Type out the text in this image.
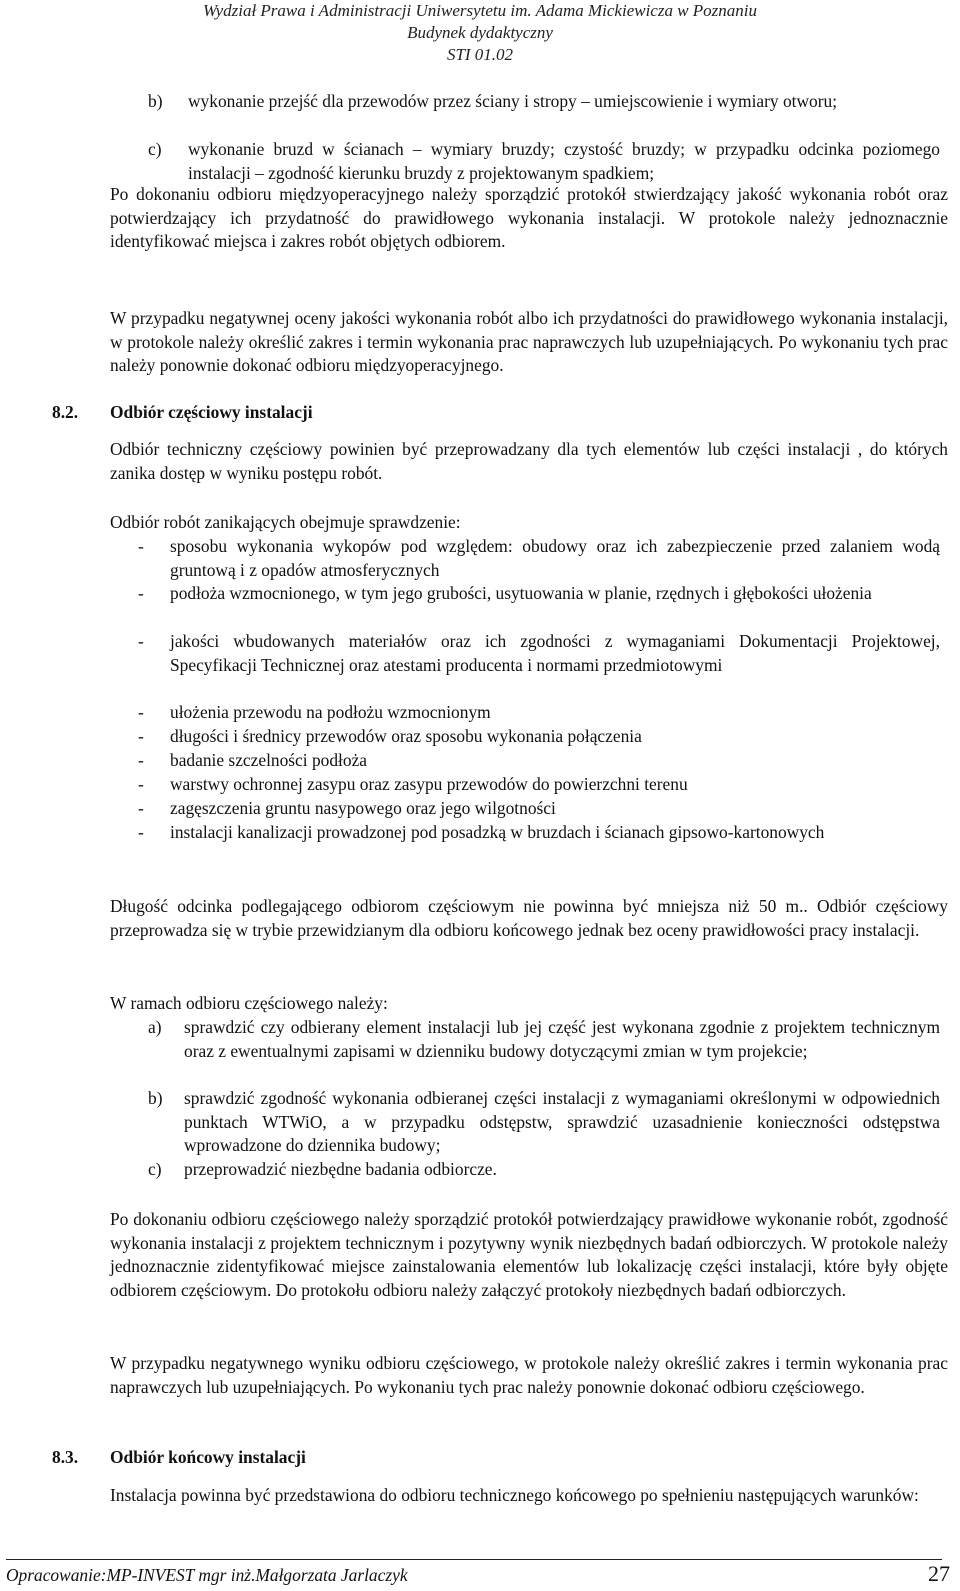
Wydział Prawa i Administracji Uniwersytetu im. Adama Mickiewicza w Poznaniu
Budynek dydaktyczny
STI 01.02
b) wykonanie przejść dla przewodów przez ściany i stropy – umiejscowienie i wymiary otworu;
c) wykonanie bruzd w ścianach – wymiary bruzdy; czystość bruzdy; w przypadku odcinka poziomego instalacji – zgodność kierunku bruzdy z projektowanym spadkiem;
Po dokonaniu odbioru międzyoperacyjnego należy sporządzić protokół stwierdzający jakość wykonania robót oraz potwierdzający ich przydatność do prawidłowego wykonania instalacji. W protokole należy jednoznacznie identyfikować miejsca i zakres robót objętych odbiorem.
W przypadku negatywnej oceny jakości wykonania robót albo ich przydatności do prawidłowego wykonania instalacji, w protokole należy określić zakres i termin wykonania prac naprawczych lub uzupełniających. Po wykonaniu tych prac należy ponownie dokonać odbioru międzyoperacyjnego.
8.2. Odbiór częściowy instalacji
Odbiór techniczny częściowy powinien być przeprowadzany dla tych elementów lub części instalacji , do których zanika dostęp w wyniku postępu robót.
Odbiór robót zanikających obejmuje sprawdzenie:
- sposobu wykonania wykopów pod względem: obudowy oraz ich zabezpieczenie przed zalaniem wodą gruntową i z opadów atmosferycznych
- podłoża wzmocnionego, w tym jego grubości, usytuowania w planie, rzędnych i głębokości ułożenia
- jakości wbudowanych materiałów oraz ich zgodności z wymaganiami Dokumentacji Projektowej, Specyfikacji Technicznej oraz atestami producenta i normami przedmiotowymi
- ułożenia przewodu na podłożu wzmocnionym
- długości i średnicy przewodów oraz sposobu wykonania połączenia
- badanie szczelności podłoża
- warstwy ochronnej zasypu oraz zasypu przewodów do powierzchni terenu
- zagęszczenia gruntu nasypowego oraz jego wilgotności
- instalacji kanalizacji prowadzonej pod posadzką w bruzdach i ścianach gipsowo-kartonowych
Długość odcinka podlegającego odbiorom częściowym nie powinna być mniejsza niż 50 m.. Odbiór częściowy przeprowadza się w trybie przewidzianym dla odbioru końcowego jednak bez oceny prawidłowości pracy instalacji.
W ramach odbioru częściowego należy:
a) sprawdzić czy odbierany element instalacji lub jej część jest wykonana zgodnie z projektem technicznym oraz z ewentualnymi zapisami w dzienniku budowy dotyczącymi zmian w tym projekcie;
b) sprawdzić zgodność wykonania odbieranej części instalacji z wymaganiami określonymi w odpowiednich punktach WTWiO, a w przypadku odstępstw, sprawdzić uzasadnienie konieczności odstępstwa wprowadzone do dziennika budowy;
c) przeprowadzić niezbędne badania odbiorcze.
Po dokonaniu odbioru częściowego należy sporządzić protokół potwierdzający prawidłowe wykonanie robót, zgodność wykonania instalacji z projektem technicznym i pozytywny wynik niezbędnych badań odbiorczych. W protokole należy jednoznacznie zidentyfikować miejsce zainstalowania elementów lub lokalizację części instalacji, które były objęte odbiorem częściowym. Do protokołu odbioru należy załączyć protokoły niezbędnych badań odbiorczych.
W przypadku negatywnego wyniku odbioru częściowego, w protokole należy określić zakres i termin wykonania prac naprawczych lub uzupełniających. Po wykonaniu tych prac należy ponownie dokonać odbioru częściowego.
8.3. Odbiór końcowy instalacji
Instalacja powinna być przedstawiona do odbioru technicznego końcowego po spełnieniu następujących warunków:
Opracowanie:MP-INVEST mgr inż.Małgorzata Jarlaczyk	27
